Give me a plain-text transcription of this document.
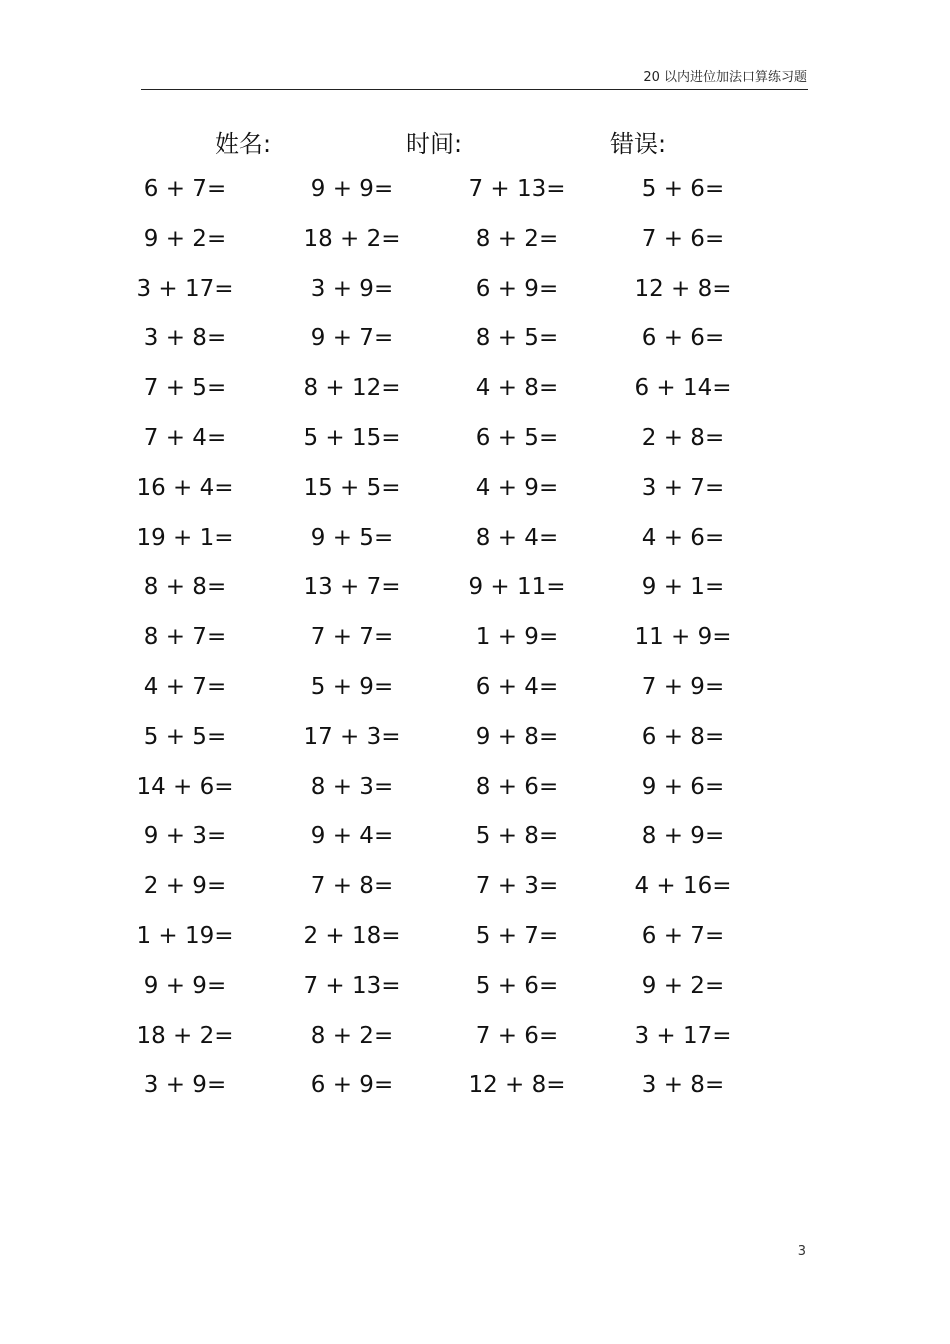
20 以内进位加法口算练习题
姓名:	时间:	错误:
6 + 7=	9 + 9=	7 + 13=	5 + 6=
9 + 2=	18 + 2=	8 + 2=	7 + 6=
3 + 17=	3 + 9=	6 + 9=	12 + 8=
3 + 8=	9 + 7=	8 + 5=	6 + 6=
7 + 5=	8 + 12=	4 + 8=	6 + 14=
7 + 4=	5 + 15=	6 + 5=	2 + 8=
16 + 4=	15 + 5=	4 + 9=	3 + 7=
19 + 1=	9 + 5=	8 + 4=	4 + 6=
8 + 8=	13 + 7=	9 + 11=	9 + 1=
8 + 7=	7 + 7=	1 + 9=	11 + 9=
4 + 7=	5 + 9=	6 + 4=	7 + 9=
5 + 5=	17 + 3=	9 + 8=	6 + 8=
14 + 6=	8 + 3=	8 + 6=	9 + 6=
9 + 3=	9 + 4=	5 + 8=	8 + 9=
2 + 9=	7 + 8=	7 + 3=	4 + 16=
1 + 19=	2 + 18=	5 + 7=	6 + 7=
9 + 9=	7 + 13=	5 + 6=	9 + 2=
18 + 2=	8 + 2=	7 + 6=	3 + 17=
3 + 9=	6 + 9=	12 + 8=	3 + 8=
3
